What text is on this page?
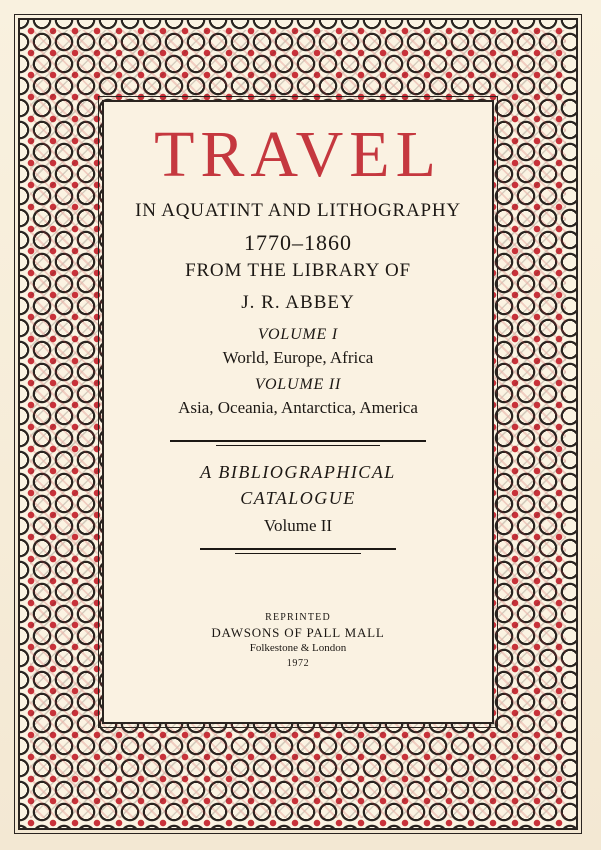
TRAVEL
IN AQUATINT AND LITHOGRAPHY
1770–1860
FROM THE LIBRARY OF
J. R. ABBEY
VOLUME I
World, Europe, Africa
VOLUME II
Asia, Oceania, Antarctica, America
A BIBLIOGRAPHICAL
CATALOGUE
Volume II
REPRINTED
DAWSONS OF PALL MALL
Folkestone & London
1972
